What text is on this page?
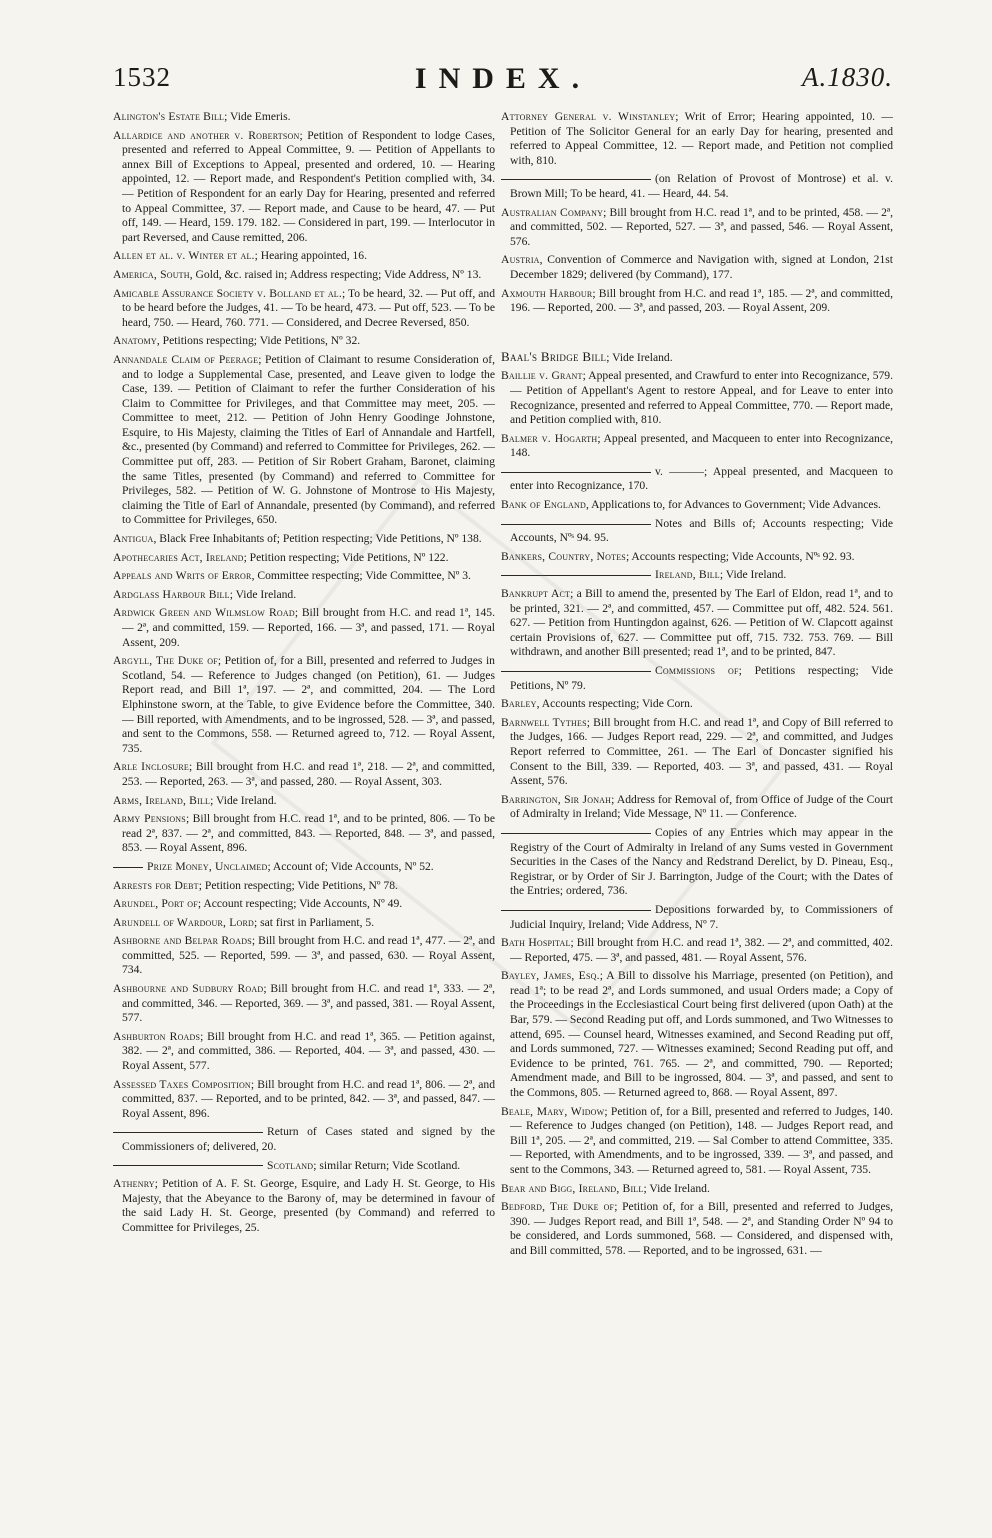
1532	INDEX.	A.1830.

Alington's Estate Bill; Vide Emeris.

Allardice and another v. Robertson; Petition of Respondent to lodge Cases, presented and referred to Appeal Committee, 9. — Petition of Appellants to annex Bill of Exceptions to Appeal, presented and ordered, 10. — Hearing appointed, 12. — Report made, and Respondent's Petition complied with, 34. — Petition of Respondent for an early Day for Hearing, presented and referred to Appeal Committee, 37. — Report made, and Cause to be heard, 47. — Put off, 149. — Heard, 159. 179. 182. — Considered in part, 199. — Interlocutor in part Reversed, and Cause remitted, 206.

Allen et al. v. Winter et al.; Hearing appointed, 16.

America, South, Gold, &c. raised in; Address respecting; Vide Address, Nº 13.

Amicable Assurance Society v. Bolland et al.; To be heard, 32. — Put off, and to be heard before the Judges, 41. — To be heard, 473. — Put off, 523. — To be heard, 750. — Heard, 760. 771. — Considered, and Decree Reversed, 850.

Anatomy, Petitions respecting; Vide Petitions, Nº 32.

Annandale Claim of Peerage; Petition of Claimant to resume Consideration of, and to lodge a Supplemental Case, presented, and Leave given to lodge the Case, 139. — Petition of Claimant to refer the further Consideration of his Claim to Committee for Privileges, and that Committee may meet, 205. — Committee to meet, 212. — Petition of John Henry Goodinge Johnstone, Esquire, to His Majesty, claiming the Titles of Earl of Annandale and Hartfell, &c., presented (by Command) and referred to Committee for Privileges, 262. — Committee put off, 283. — Petition of Sir Robert Graham, Baronet, claiming the same Titles, presented (by Command) and referred to Committee for Privileges, 582. — Petition of W. G. Johnstone of Montrose to His Majesty, claiming the Title of Earl of Annandale, presented (by Command), and referred to Committee for Privileges, 650.

Antigua, Black Free Inhabitants of; Petition respecting; Vide Petitions, Nº 138.

Apothecaries Act, Ireland; Petition respecting; Vide Petitions, Nº 122.

Appeals and Writs of Error, Committee respecting; Vide Committee, Nº 3.

Ardglass Harbour Bill; Vide Ireland.

Ardwick Green and Wilmslow Road; Bill brought from H.C. and read 1ª, 145. — 2ª, and committed, 159. — Reported, 166. — 3ª, and passed, 171. — Royal Assent, 209.

Argyll, The Duke of; Petition of, for a Bill, presented and referred to Judges in Scotland, 54. — Reference to Judges changed (on Petition), 61. — Judges Report read, and Bill 1ª, 197. — 2ª, and committed, 204. — The Lord Elphinstone sworn, at the Table, to give Evidence before the Committee, 340. — Bill reported, with Amendments, and to be ingrossed, 528. — 3ª, and passed, and sent to the Commons, 558. — Returned agreed to, 712. — Royal Assent, 735.

Arle Inclosure; Bill brought from H.C. and read 1ª, 218. — 2ª, and committed, 253. — Reported, 263. — 3ª, and passed, 280. — Royal Assent, 303.

Arms, Ireland, Bill; Vide Ireland.

Army Pensions; Bill brought from H.C. read 1ª, and to be printed, 806. — To be read 2ª, 837. — 2ª, and committed, 843. — Reported, 848. — 3ª, and passed, 853. — Royal Assent, 896.

Prize Money, Unclaimed; Account of; Vide Accounts, Nº 52.

Arrests for Debt; Petition respecting; Vide Petitions, Nº 78.

Arundel, Port of; Account respecting; Vide Accounts, Nº 49.

Arundell of Wardour, Lord; sat first in Parliament, 5.

Ashborne and Belpar Roads; Bill brought from H.C. and read 1ª, 477. — 2ª, and committed, 525. — Reported, 599. — 3ª, and passed, 630. — Royal Assent, 734.

Ashbourne and Sudbury Road; Bill brought from H.C. and read 1ª, 333. — 2ª, and committed, 346. — Reported, 369. — 3ª, and passed, 381. — Royal Assent, 577.

Ashburton Roads; Bill brought from H.C. and read 1ª, 365. — Petition against, 382. — 2ª, and committed, 386. — Reported, 404. — 3ª, and passed, 430. — Royal Assent, 577.

Assessed Taxes Composition; Bill brought from H.C. and read 1ª, 806. — 2ª, and committed, 837. — Reported, and to be printed, 842. — 3ª, and passed, 847. — Royal Assent, 896.

Return of Cases stated and signed by the Commissioners of; delivered, 20.

Scotland; similar Return; Vide Scotland.

Athenry; Petition of A. F. St. George, Esquire, and Lady H. St. George, to His Majesty, that the Abeyance to the Barony of, may be determined in favour of the said Lady H. St. George, presented (by Command) and referred to Committee for Privileges, 25.

Attorney General v. Winstanley; Writ of Error; Hearing appointed, 10. — Petition of The Solicitor General for an early Day for hearing, presented and referred to Appeal Committee, 12. — Report made, and Petition not complied with, 810.

(on Relation of Provost of Montrose) et al. v. Brown Mill; To be heard, 41. — Heard, 44. 54.

Australian Company; Bill brought from H.C. read 1ª, and to be printed, 458. — 2ª, and committed, 502. — Reported, 527. — 3ª, and passed, 546. — Royal Assent, 576.

Austria, Convention of Commerce and Navigation with, signed at London, 21st December 1829; delivered (by Command), 177.

Axmouth Harbour; Bill brought from H.C. and read 1ª, 185. — 2ª, and committed, 196. — Reported, 200. — 3ª, and passed, 203. — Royal Assent, 209.

Baal's Bridge Bill; Vide Ireland.

Baillie v. Grant; Appeal presented, and Crawfurd to enter into Recognizance, 579. — Petition of Appellant's Agent to restore Appeal, and for Leave to enter into Recognizance, presented and referred to Appeal Committee, 770. — Report made, and Petition complied with, 810.

Balmer v. Hogarth; Appeal presented, and Macqueen to enter into Recognizance, 148.

v. ———; Appeal presented, and Macqueen to enter into Recognizance, 170.

Bank of England, Applications to, for Advances to Government; Vide Advances.

Notes and Bills of; Accounts respecting; Vide Accounts, Nºˢ 94. 95.

Bankers, Country, Notes; Accounts respecting; Vide Accounts, Nºˢ 92. 93.

Ireland, Bill; Vide Ireland.

Bankrupt Act; a Bill to amend the, presented by The Earl of Eldon, read 1ª, and to be printed, 321. — 2ª, and committed, 457. — Committee put off, 482. 524. 561. 627. — Petition from Huntingdon against, 626. — Petition of W. Clapcott against certain Provisions of, 627. — Committee put off, 715. 732. 753. 769. — Bill withdrawn, and another Bill presented; read 1ª, and to be printed, 847.

Commissions of; Petitions respecting; Vide Petitions, Nº 79.

Barley, Accounts respecting; Vide Corn.

Barnwell Tythes; Bill brought from H.C. and read 1ª, and Copy of Bill referred to the Judges, 166. — Judges Report read, 229. — 2ª, and committed, and Judges Report referred to Committee, 261. — The Earl of Doncaster signified his Consent to the Bill, 339. — Reported, 403. — 3ª, and passed, 431. — Royal Assent, 576.

Barrington, Sir Jonah; Address for Removal of, from Office of Judge of the Court of Admiralty in Ireland; Vide Message, Nº 11. — Conference.

Copies of any Entries which may appear in the Registry of the Court of Admiralty in Ireland of any Sums vested in Government Securities in the Cases of the Nancy and Redstrand Derelict, by D. Pineau, Esq., Registrar, or by Order of Sir J. Barrington, Judge of the Court; with the Dates of the Entries; ordered, 736.

Depositions forwarded by, to Commissioners of Judicial Inquiry, Ireland; Vide Address, Nº 7.

Bath Hospital; Bill brought from H.C. and read 1ª, 382. — 2ª, and committed, 402. — Reported, 475. — 3ª, and passed, 481. — Royal Assent, 576.

Bayley, James, Esq.; A Bill to dissolve his Marriage, presented (on Petition), and read 1ª; to be read 2ª, and Lords summoned, and usual Orders made; a Copy of the Proceedings in the Ecclesiastical Court being first delivered (upon Oath) at the Bar, 579. — Second Reading put off, and Lords summoned, and Two Witnesses to attend, 695. — Counsel heard, Witnesses examined, and Second Reading put off, and Lords summoned, 727. — Witnesses examined; Second Reading put off, and Evidence to be printed, 761. 765. — 2ª, and committed, 790. — Reported; Amendment made, and Bill to be ingrossed, 804. — 3ª, and passed, and sent to the Commons, 805. — Returned agreed to, 868. — Royal Assent, 897.

Beale, Mary, Widow; Petition of, for a Bill, presented and referred to Judges, 140. — Reference to Judges changed (on Petition), 148. — Judges Report read, and Bill 1ª, 205. — 2ª, and committed, 219. — Sal Comber to attend Committee, 335. — Reported, with Amendments, and to be ingrossed, 339. — 3ª, and passed, and sent to the Commons, 343. — Returned agreed to, 581. — Royal Assent, 735.

Bear and Bigg, Ireland, Bill; Vide Ireland.

Bedford, The Duke of; Petition of, for a Bill, presented and referred to Judges, 390. — Judges Report read, and Bill 1ª, 548. — 2ª, and Standing Order Nº 94 to be considered, and Lords summoned, 568. — Considered, and dispensed with, and Bill committed, 578. — Reported, and to be ingrossed, 631. —
